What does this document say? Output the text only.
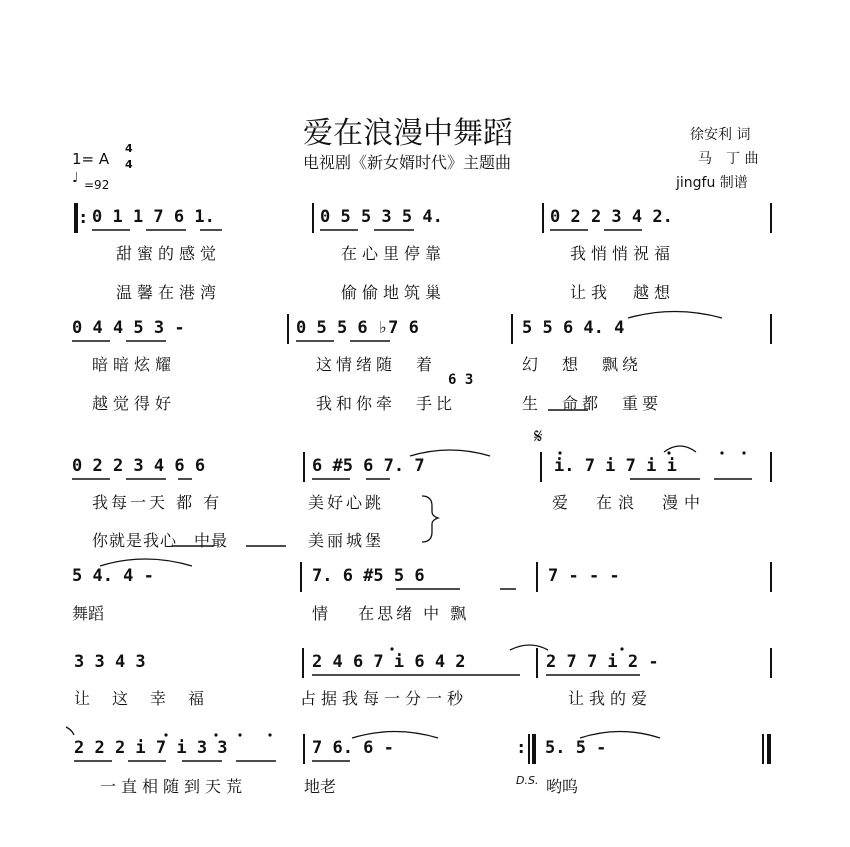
爱在浪漫中舞蹈
电视剧《新女婿时代》主题曲
徐安利 词
马　丁 曲
jingfu 制谱
1= A
4
4
♩ =92
: 0 1 1 7 6 1.	0 5 5 3 5 4.	0 2 2 3 4 2.
甜蜜的感觉	在心里停靠	我悄悄祝福
温馨在港湾	偷偷地筑巢	让我　越想
0 4 4 5 3 -	0 5 5 6 ♭7 6	5 5 6 4. 4
暗暗炫耀	这情绪随　着	幻　想　飘绕
越觉得好	我和你牵　手比	生　命都　重要
6 3
𝄋
0 2 2 3 4 6 6	6 #5 6 7. 7	i. 7 i 7 i i
我每一天 都 有	美好心跳	爱　在浪　漫中
你就是我心　中最	美丽城堡
5 4. 4 -	7. 6 #5 5 6	7 - - -
舞蹈	情　 在思绪 中 飘
3 3 4 3	2 4 6 7 i 6 4 2	2 7 7 i 2 -
让　这　幸　福	占据我每一分一秒	让我的爱
2 2 2 i 7 i 3 3	7 6. 6 -	: 5. 5 -
一直相随到天荒	地老	D.S. 哟呜
